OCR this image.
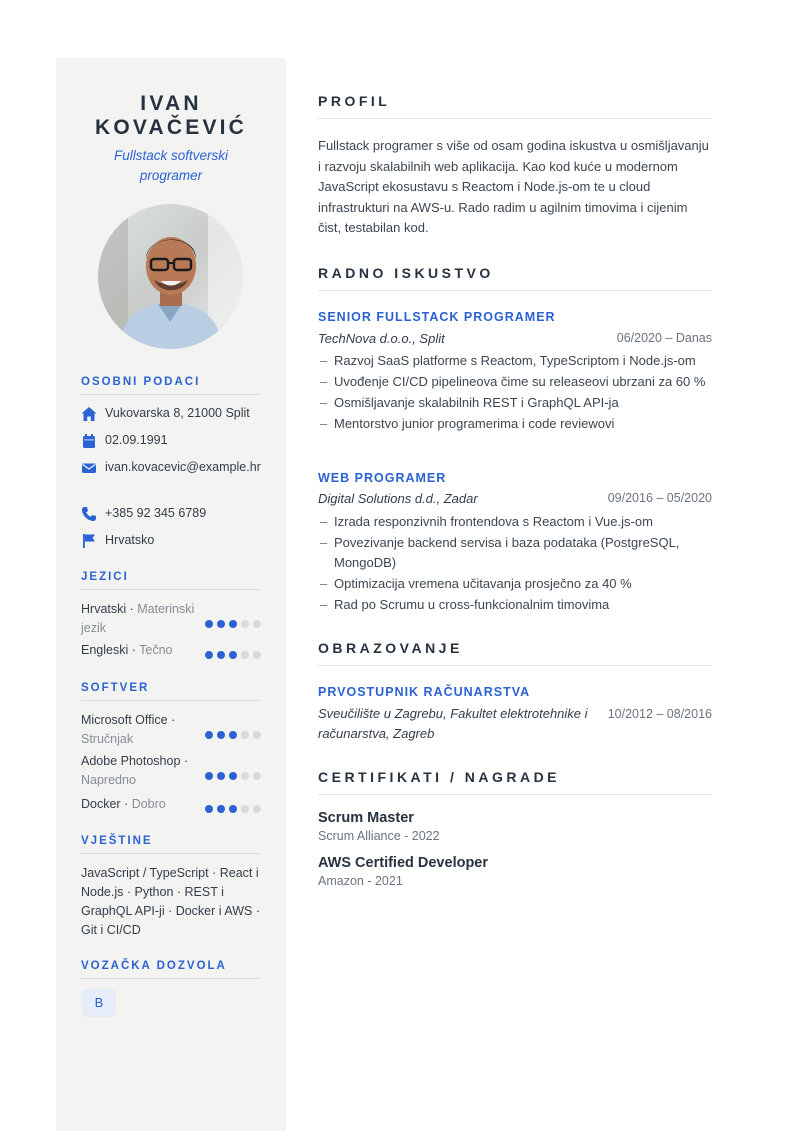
IVAN
KOVAČEVIĆ
Fullstack softverski programer
OSOBNI PODACI
Vukovarska 8, 21000 Split
02.09.1991
ivan.kovacevic@example.hr
+385 92 345 6789
Hrvatsko
JEZICI
Hrvatski · Materinski jezik
Engleski · Tečno
SOFTVER
Microsoft Office · Stručnjak
Adobe Photoshop · Napredno
Docker · Dobro
VJEŠTINE
JavaScript / TypeScript · React i Node.js · Python · REST i GraphQL API-ji · Docker i AWS · Git i CI/CD
VOZAČKA DOZVOLA
B
PROFIL
Fullstack programer s više od osam godina iskustva u osmišljavanju i razvoju skalabilnih web aplikacija. Kao kod kuće u modernom JavaScript ekosustavu s Reactom i Node.js-om te u cloud infrastrukturi na AWS-u. Rado radim u agilnim timovima i cijenim čist, testabilan kod.
RADNO ISKUSTVO
SENIOR FULLSTACK PROGRAMER
TechNova d.o.o., Split	06/2020 – Danas
– Razvoj SaaS platforme s Reactom, TypeScriptom i Node.js-om
– Uvođenje CI/CD pipelineova čime su releaseovi ubrzani za 60 %
– Osmišljavanje skalabilnih REST i GraphQL API-ja
– Mentorstvo junior programerima i code reviewovi
WEB PROGRAMER
Digital Solutions d.d., Zadar	09/2016 – 05/2020
– Izrada responzivnih frontendova s Reactom i Vue.js-om
– Povezivanje backend servisa i baza podataka (PostgreSQL, MongoDB)
– Optimizacija vremena učitavanja prosječno za 40 %
– Rad po Scrumu u cross-funkcionalnim timovima
OBRAZOVANJE
PRVOSTUPNIK RAČUNARSTVA
Sveučilište u Zagrebu, Fakultet elektrotehnike i računarstva, Zagreb
10/2012 – 08/2016
CERTIFIKATI / NAGRADE
Scrum Master
Scrum Alliance - 2022
AWS Certified Developer
Amazon - 2021
